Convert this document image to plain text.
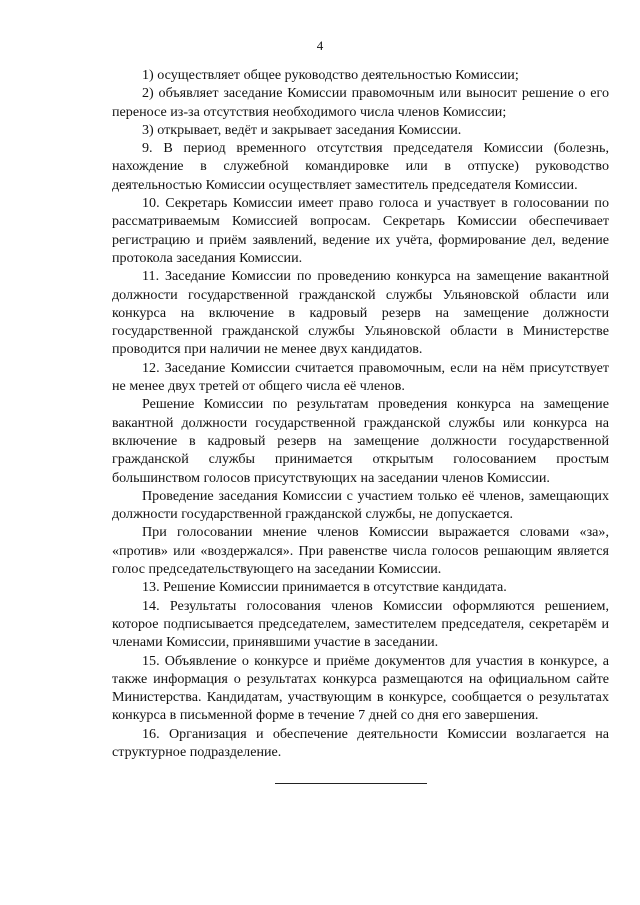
4

1) осуществляет общее руководство деятельностью Комиссии;

2) объявляет заседание Комиссии правомочным или выносит решение о его переносе из-за отсутствия необходимого числа членов Комиссии;

3) открывает, ведёт и закрывает заседания Комиссии.

9. В период временного отсутствия председателя Комиссии (болезнь, нахождение в служебной командировке или в отпуске) руководство деятельностью Комиссии осуществляет заместитель председателя Комиссии.

10. Секретарь Комиссии имеет право голоса и участвует в голосовании по рассматриваемым Комиссией вопросам. Секретарь Комиссии обеспечивает регистрацию и приём заявлений, ведение их учёта, формирование дел, ведение протокола заседания Комиссии.

11. Заседание Комиссии по проведению конкурса на замещение вакантной должности государственной гражданской службы Ульяновской области или конкурса на включение в кадровый резерв на замещение должности государственной гражданской службы Ульяновской области в Министерстве проводится при наличии не менее двух кандидатов.

12. Заседание Комиссии считается правомочным, если на нём присутствует не менее двух третей от общего числа её членов.

Решение Комиссии по результатам проведения конкурса на замещение вакантной должности государственной гражданской службы или конкурса на включение в кадровый резерв на замещение должности государственной гражданской службы принимается открытым голосованием простым большинством голосов присутствующих на заседании членов Комиссии.

Проведение заседания Комиссии с участием только её членов, замещающих должности государственной гражданской службы, не допускается.

При голосовании мнение членов Комиссии выражается словами «за», «против» или «воздержался». При равенстве числа голосов решающим является голос председательствующего на заседании Комиссии.

13. Решение Комиссии принимается в отсутствие кандидата.

14. Результаты голосования членов Комиссии оформляются решением, которое подписывается председателем, заместителем председателя, секретарём и членами Комиссии, принявшими участие в заседании.

15. Объявление о конкурсе и приёме документов для участия в конкурсе, а также информация о результатах конкурса размещаются на официальном сайте Министерства. Кандидатам, участвующим в конкурсе, сообщается о результатах конкурса в письменной форме в течение 7 дней со дня его завершения.

16. Организация и обеспечение деятельности Комиссии возлагается на структурное подразделение.
